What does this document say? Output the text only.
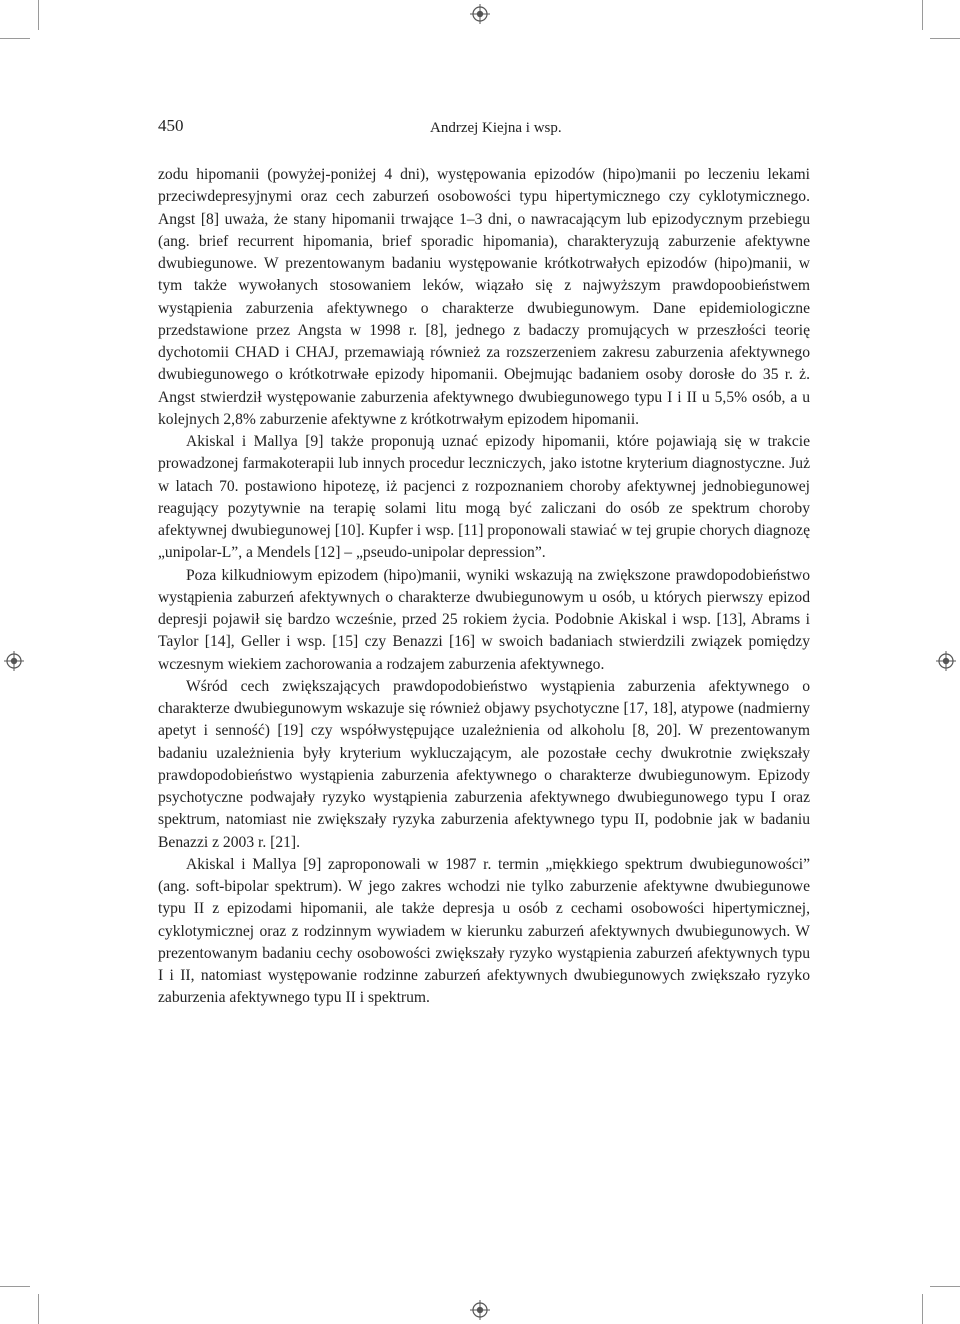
450	Andrzej Kiejna i wsp.

zodu hipomanii (powyżej-poniżej 4 dni), występowania epizodów (hipo)manii po leczeniu lekami przeciwdepresyjnymi oraz cech zaburzeń osobowości typu hipertymicznego czy cyklotymicznego. Angst [8] uważa, że stany hipomanii trwające 1–3 dni, o nawracającym lub epizodycznym przebiegu (ang. brief recurrent hipomania, brief sporadic hipomania), charakteryzują zaburzenie afektywne dwubiegunowe. W prezentowanym badaniu występowanie krótkotrwałych epizodów (hipo)manii, w tym także wywołanych stosowaniem leków, wiązało się z najwyższym prawdopoobieństwem wystąpienia zaburzenia afektywnego o charakterze dwubiegunowym. Dane epidemiologiczne przedstawione przez Angsta w 1998 r. [8], jednego z badaczy promujących w przeszłości teorię dychotomii CHAD i CHAJ, przemawiają również za rozszerzeniem zakresu zaburzenia afektywnego dwubiegunowego o krótkotrwałe epizody hipomanii. Obejmując badaniem osoby dorosłe do 35 r. ż. Angst stwierdził występowanie zaburzenia afektywnego dwubiegunowego typu I i II u 5,5% osób, a u kolejnych 2,8% zaburzenie afektywne z krótkotrwałym epizodem hipomanii.

Akiskal i Mallya [9] także proponują uznać epizody hipomanii, które pojawiają się w trakcie prowadzonej farmakoterapii lub innych procedur leczniczych, jako istotne kryterium diagnostyczne. Już w latach 70. postawiono hipotezę, iż pacjenci z rozpoznaniem choroby afektywnej jednobiegunowej reagujący pozytywnie na terapię solami litu mogą być zaliczani do osób ze spektrum choroby afektywnej dwubiegunowej [10]. Kupfer i wsp. [11] proponowali stawiać w tej grupie chorych diagnozę „unipolar-L”, a Mendels [12] – „pseudo-unipolar depression”.

Poza kilkudniowym epizodem (hipo)manii, wyniki wskazują na zwiększone prawdopodobieństwo wystąpienia zaburzeń afektywnych o charakterze dwubiegunowym u osób, u których pierwszy epizod depresji pojawił się bardzo wcześnie, przed 25 rokiem życia. Podobnie Akiskal i wsp. [13], Abrams i Taylor [14], Geller i wsp. [15] czy Benazzi [16] w swoich badaniach stwierdzili związek pomiędzy wczesnym wiekiem zachorowania a rodzajem zaburzenia afektywnego.

Wśród cech zwiększających prawdopodobieństwo wystąpienia zaburzenia afektywnego o charakterze dwubiegunowym wskazuje się również objawy psychotyczne [17, 18], atypowe (nadmierny apetyt i senność) [19] czy współwystępujące uzależnienia od alkoholu [8, 20]. W prezentowanym badaniu uzależnienia były kryterium wykluczającym, ale pozostałe cechy dwukrotnie zwiększały prawdopodobieństwo wystąpienia zaburzenia afektywnego o charakterze dwubiegunowym. Epizody psychotyczne podwajały ryzyko wystąpienia zaburzenia afektywnego dwubiegunowego typu I oraz spektrum, natomiast nie zwiększały ryzyka zaburzenia afektywnego typu II, podobnie jak w badaniu Benazzi z 2003 r. [21].

Akiskal i Mallya [9] zaproponowali w 1987 r. termin „miękkiego spektrum dwubiegunowości” (ang. soft-bipolar spektrum). W jego zakres wchodzi nie tylko zaburzenie afektywne dwubiegunowe typu II z epizodami hipomanii, ale także depresja u osób z cechami osobowości hipertymicznej, cyklotymicznej oraz z rodzinnym wywiadem w kierunku zaburzeń afektywnych dwubiegunowych. W prezentowanym badaniu cechy osobowości zwiększały ryzyko wystąpienia zaburzeń afektywnych typu I i II, natomiast występowanie rodzinne zaburzeń afektywnych dwubiegunowych zwiększało ryzyko zaburzenia afektywnego typu II i spektrum.
